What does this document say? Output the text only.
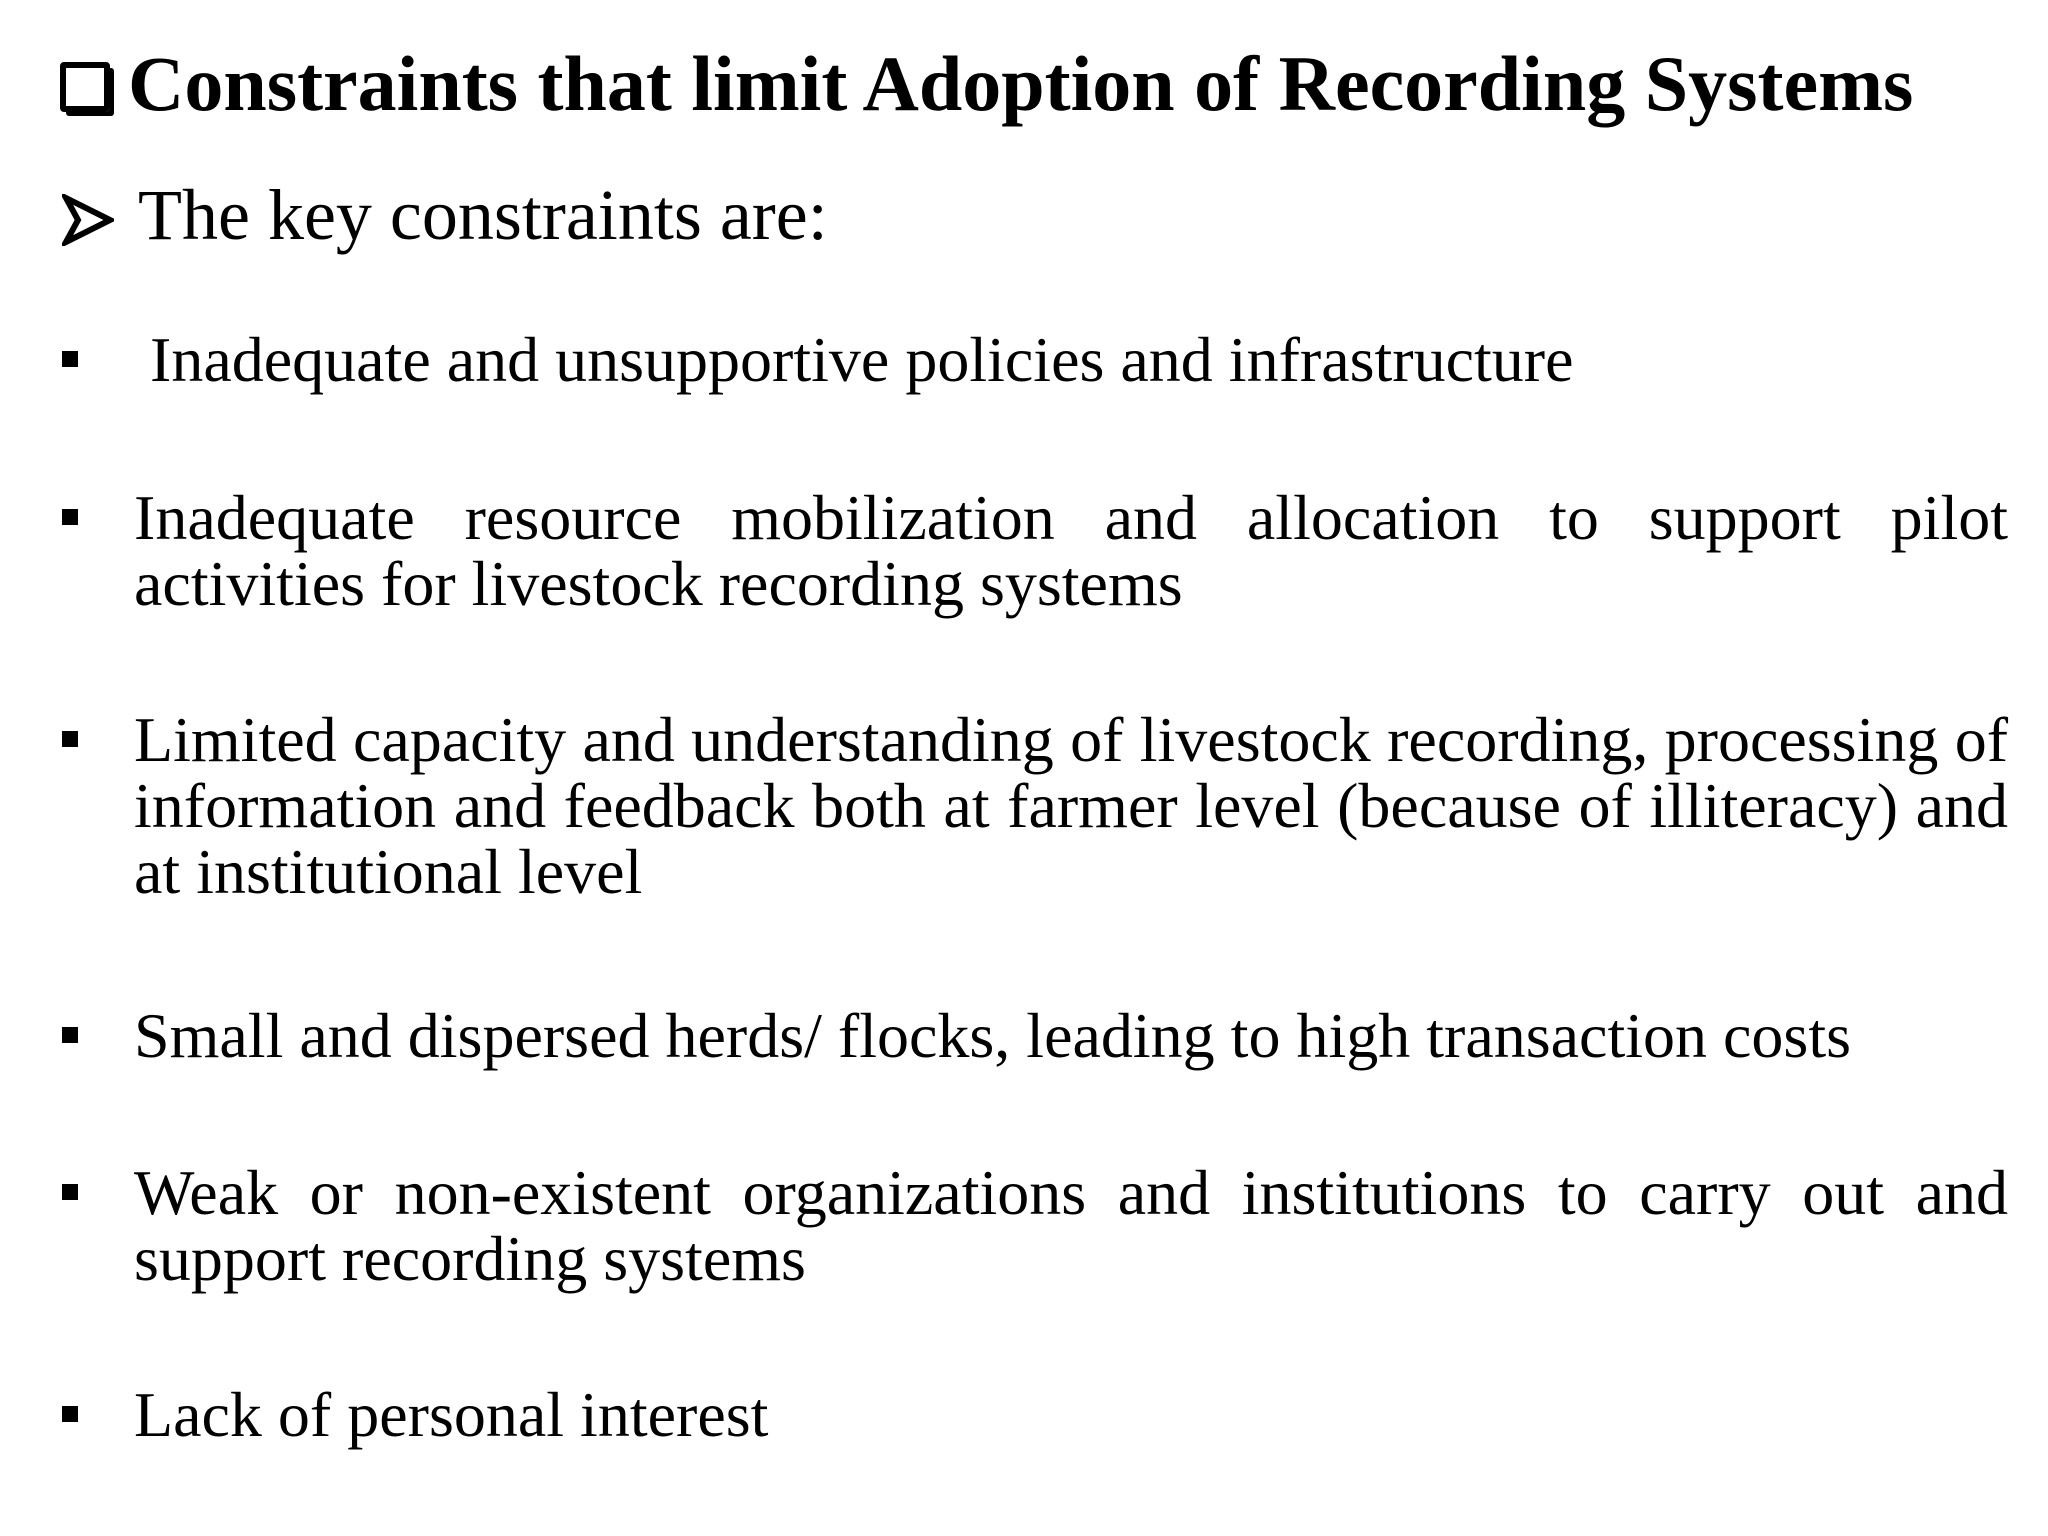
Constraints that limit Adoption of Recording Systems
The key constraints are:
Inadequate and unsupportive policies and infrastructure
Inadequate resource mobilization and allocation to support pilot activities for livestock recording systems
Limited capacity and understanding of livestock recording, processing of information and feedback both at farmer level (because of illiteracy) and at institutional level
Small and dispersed herds/ flocks, leading to high transaction costs
Weak or non-existent organizations and institutions to carry out and support recording systems
Lack of personal interest
